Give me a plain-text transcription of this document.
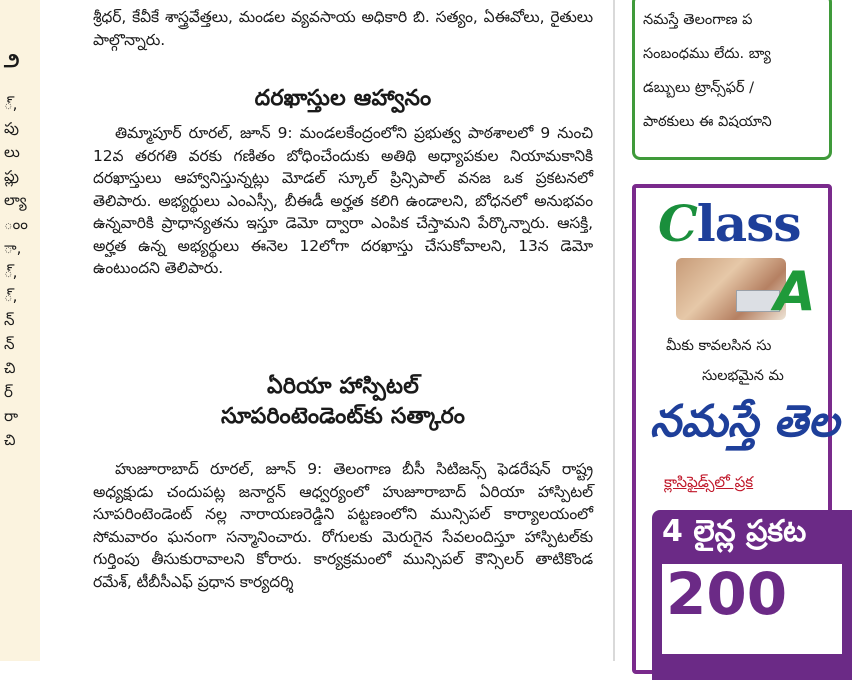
౨
్,
పు
లు
ప్లు
ల్యా
ంం
ా,
్,
్,
న్
న్
చి
ర్
రా
చి
శ్రీధర్, కేవీకే శాస్త్రవేత్తలు, మండల వ్యవసాయ అధికారి బి. సత్యం, ఏఈవోలు, రైతులు పాల్గొన్నారు.
దరఖాస్తుల ఆహ్వానం
తిమ్మాపూర్ రూరల్, జూన్ 9: మండలకేంద్రంలోని ప్రభుత్వ పాఠశాలలో 9 నుంచి 12వ తరగతి వరకు గణితం బోధించేందుకు అతిథి అధ్యాపకుల నియామకానికి దరఖాస్తులు ఆహ్వానిస్తున్నట్లు మోడల్ స్కూల్ ప్రిన్సిపాల్ వనజ ఒక ప్రకటనలో తెలిపారు. అభ్యర్థులు ఎంఎస్సీ, బీఈడీ అర్హత కలిగి ఉండాలని, బోధనలో అనుభవం ఉన్నవారికి ప్రాధాన్యతను ఇస్తూ డెమో ద్వారా ఎంపిక చేస్తామని పేర్కొన్నారు. ఆసక్తి, అర్హత ఉన్న అభ్యర్థులు ఈనెల 12లోగా దరఖాస్తు చేసుకోవాలని, 13న డెమో ఉంటుందని తెలిపారు.
ఏరియా హాస్పిటల్
సూపరింటెండెంట్‌కు సత్కారం
హుజూరాబాద్ రూరల్, జూన్ 9: తెలంగాణ బీసీ సిటిజన్స్ ఫెడరేషన్ రాష్ట్ర అధ్యక్షుడు చందుపట్ల జనార్దన్ ఆధ్వర్యంలో హుజూరాబాద్ ఏరియా హాస్పిటల్ సూపరింటెండెంట్ నల్ల నారాయణరెడ్డిని పట్టణంలోని మున్సిపల్ కార్యాలయంలో సోమవారం ఘనంగా సన్మానించారు. రోగులకు మెరుగైన సేవలందిస్తూ హాస్పిటల్‌కు గుర్తింపు తీసుకురావాలని కోరారు. కార్యక్రమంలో మున్సిపల్ కౌన్సిలర్ తాటికొండ రమేశ్, టీబీసీఎఫ్ ప్రధాన కార్యదర్శి
నమస్తే తెలంగాణ ప
సంబంధము లేదు. బ్యా
డబ్బులు ట్రాన్స్‌ఫర్ /
పాఠకులు ఈ విషయాని
Class
A
మీకు కావలసిన సు
సులభమైన మ
నమస్తే తెల
క్లాసిఫైడ్స్‌లో ప్రక
4 లైన్ల ప్రకట
200
